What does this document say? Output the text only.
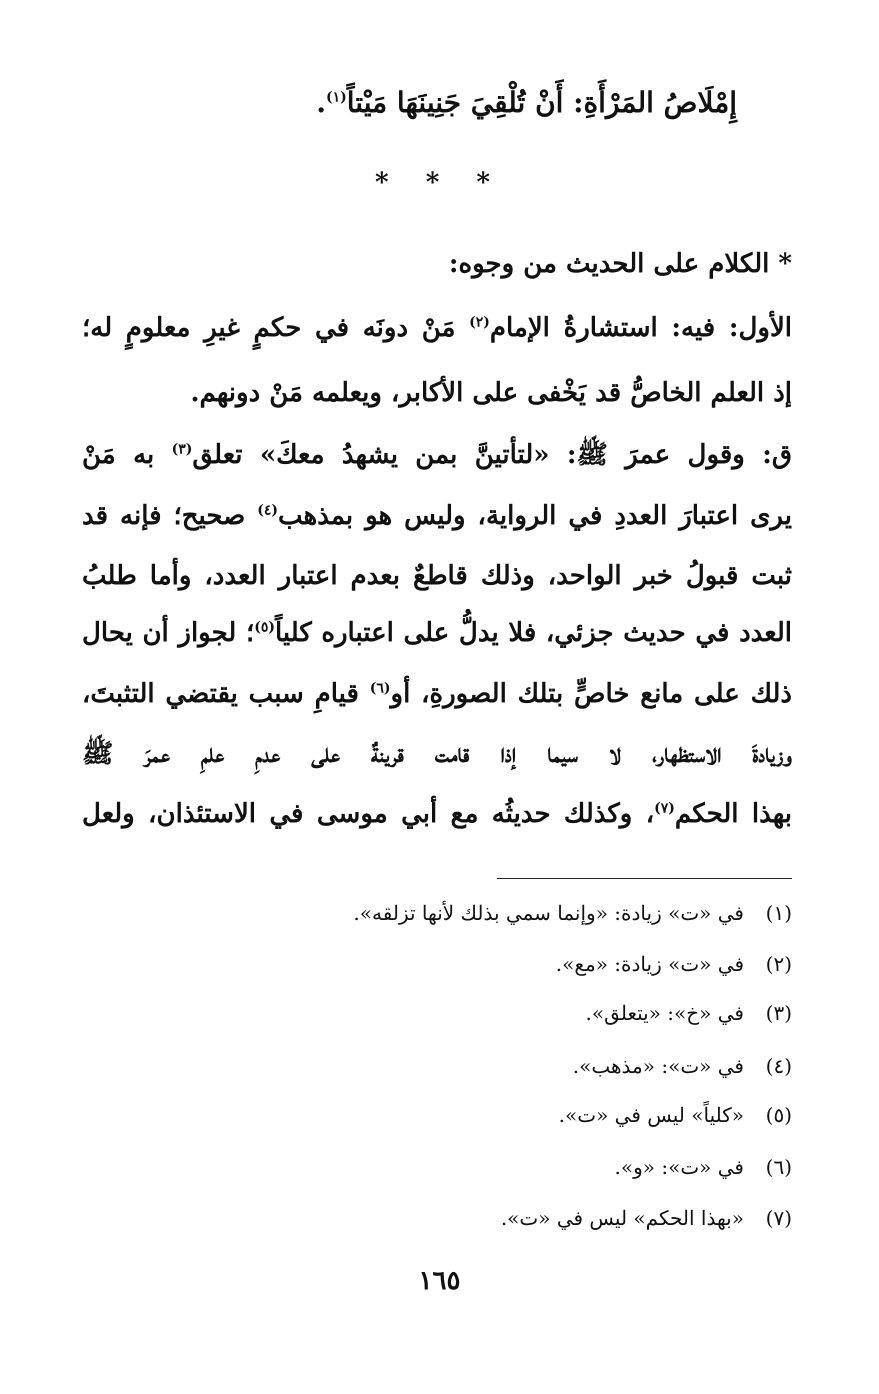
إِمْلَاصُ المَرْأَةِ: أَنْ تُلْقِيَ جَنِينَهَا مَيْتاً$^{(١)}$.
* * *
* الكلام على الحديث من وجوه:
الأول: فيه: استشارةُ الإمام$^{(٢)}$ مَنْ دونَه في حكمٍ غيرِ معلومٍ له؛
إذ العلم الخاصُّ قد يَخْفى على الأكابر، ويعلمه مَنْ دونهم.
ق: وقول عمرَ ﷺ: «لتأتينَّ بمن يشهدُ معكَ» تعلق$^{(٣)}$ به مَنْ
يرى اعتبارَ العددِ في الرواية، وليس هو بمذهب$^{(٤)}$ صحيح؛ فإنه قد
ثبت قبولُ خبر الواحد، وذلك قاطعٌ بعدم اعتبار العدد، وأما طلبُ
العدد في حديث جزئي، فلا يدلُّ على اعتباره كلياً$^{(٥)}$؛ لجواز أن يحال
ذلك على مانع خاصٍّ بتلك الصورةِ، أو$^{(٦)}$ قيامِ سبب يقتضي التثبتَ،
وزيادةَ الاستظهار، لا سيما إذا قامت قرينةٌ على عدمِ علمِ عمرَ ﷺ
بهذا الحكم$^{(٧)}$، وكذلك حديثُه مع أبي موسى في الاستئذان، ولعل
(١)في «ت» زيادة: «وإنما سمي بذلك لأنها تزلقه».
(٢)في «ت» زيادة: «مع».
(٣)في «خ»: «يتعلق».
(٤)في «ت»: «مذهب».
(٥)«كلياً» ليس في «ت».
(٦)في «ت»: «و».
(٧)«بهذا الحكم» ليس في «ت».
١٦٥
